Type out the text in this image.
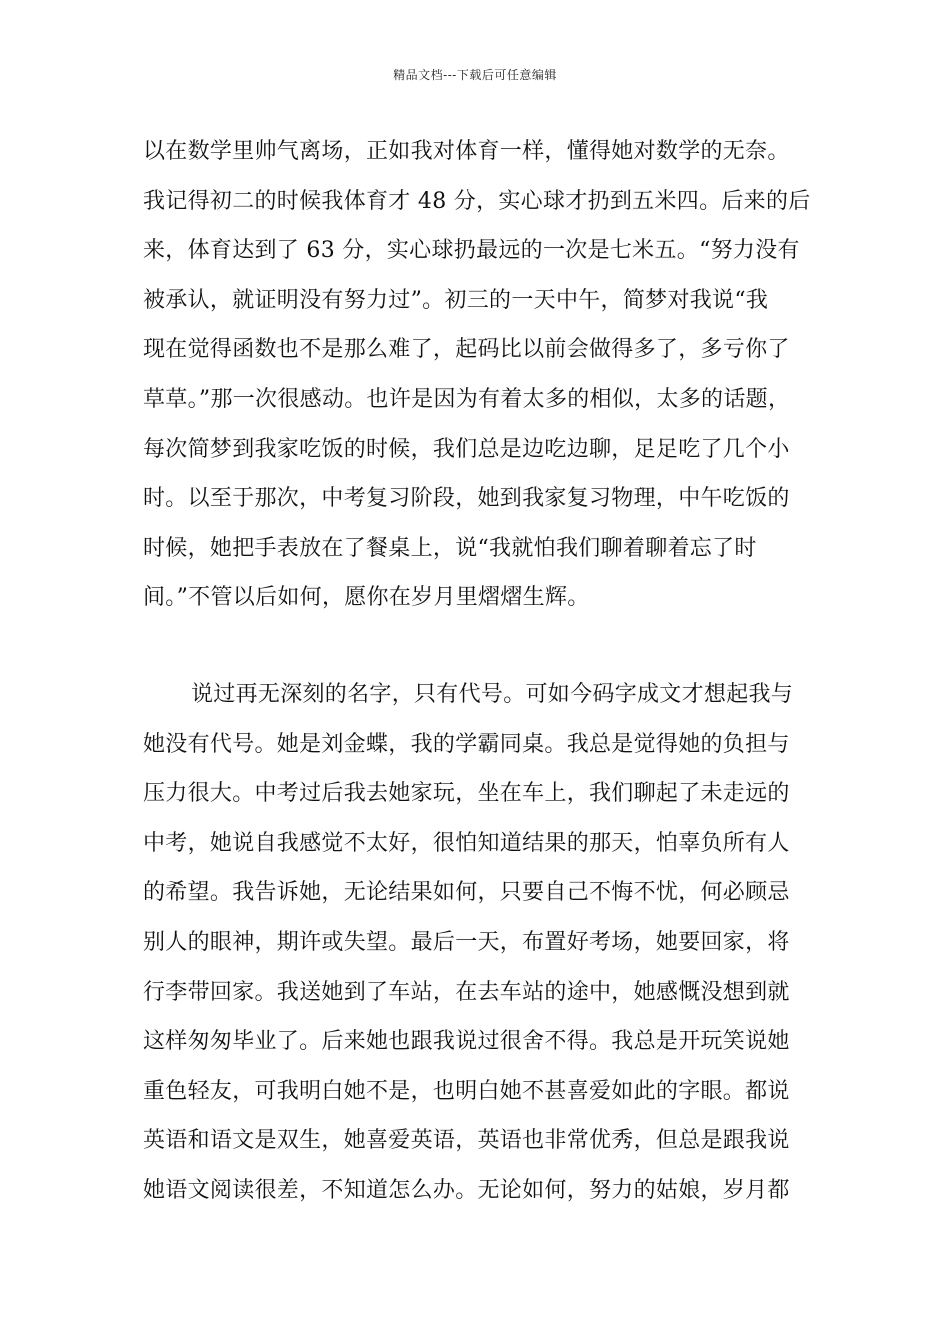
精品文档---下载后可任意编辑
以在数学里帅气离场，正如我对体育一样，懂得她对数学的无奈。
我记得初二的时候我体育才 48 分，实心球才扔到五米四。后来的后
来，体育达到了 63 分，实心球扔最远的一次是七米五。“努力没有
被承认，就证明没有努力过”。初三的一天中午，简梦对我说“我
现在觉得函数也不是那么难了，起码比以前会做得多了，多亏你了
草草。”那一次很感动。也许是因为有着太多的相似，太多的话题，
每次简梦到我家吃饭的时候，我们总是边吃边聊，足足吃了几个小
时。以至于那次，中考复习阶段，她到我家复习物理，中午吃饭的
时候，她把手表放在了餐桌上，说“我就怕我们聊着聊着忘了时
间。”不管以后如何，愿你在岁月里熠熠生辉。
说过再无深刻的名字，只有代号。可如今码字成文才想起我与
她没有代号。她是刘金蝶，我的学霸同桌。我总是觉得她的负担与
压力很大。中考过后我去她家玩，坐在车上，我们聊起了未走远的
中考，她说自我感觉不太好，很怕知道结果的那天，怕辜负所有人
的希望。我告诉她，无论结果如何，只要自己不悔不忧，何必顾忌
别人的眼神，期许或失望。最后一天，布置好考场，她要回家，将
行李带回家。我送她到了车站，在去车站的途中，她感慨没想到就
这样匆匆毕业了。后来她也跟我说过很舍不得。我总是开玩笑说她
重色轻友，可我明白她不是，也明白她不甚喜爱如此的字眼。都说
英语和语文是双生，她喜爱英语，英语也非常优秀，但总是跟我说
她语文阅读很差，不知道怎么办。无论如何，努力的姑娘，岁月都
